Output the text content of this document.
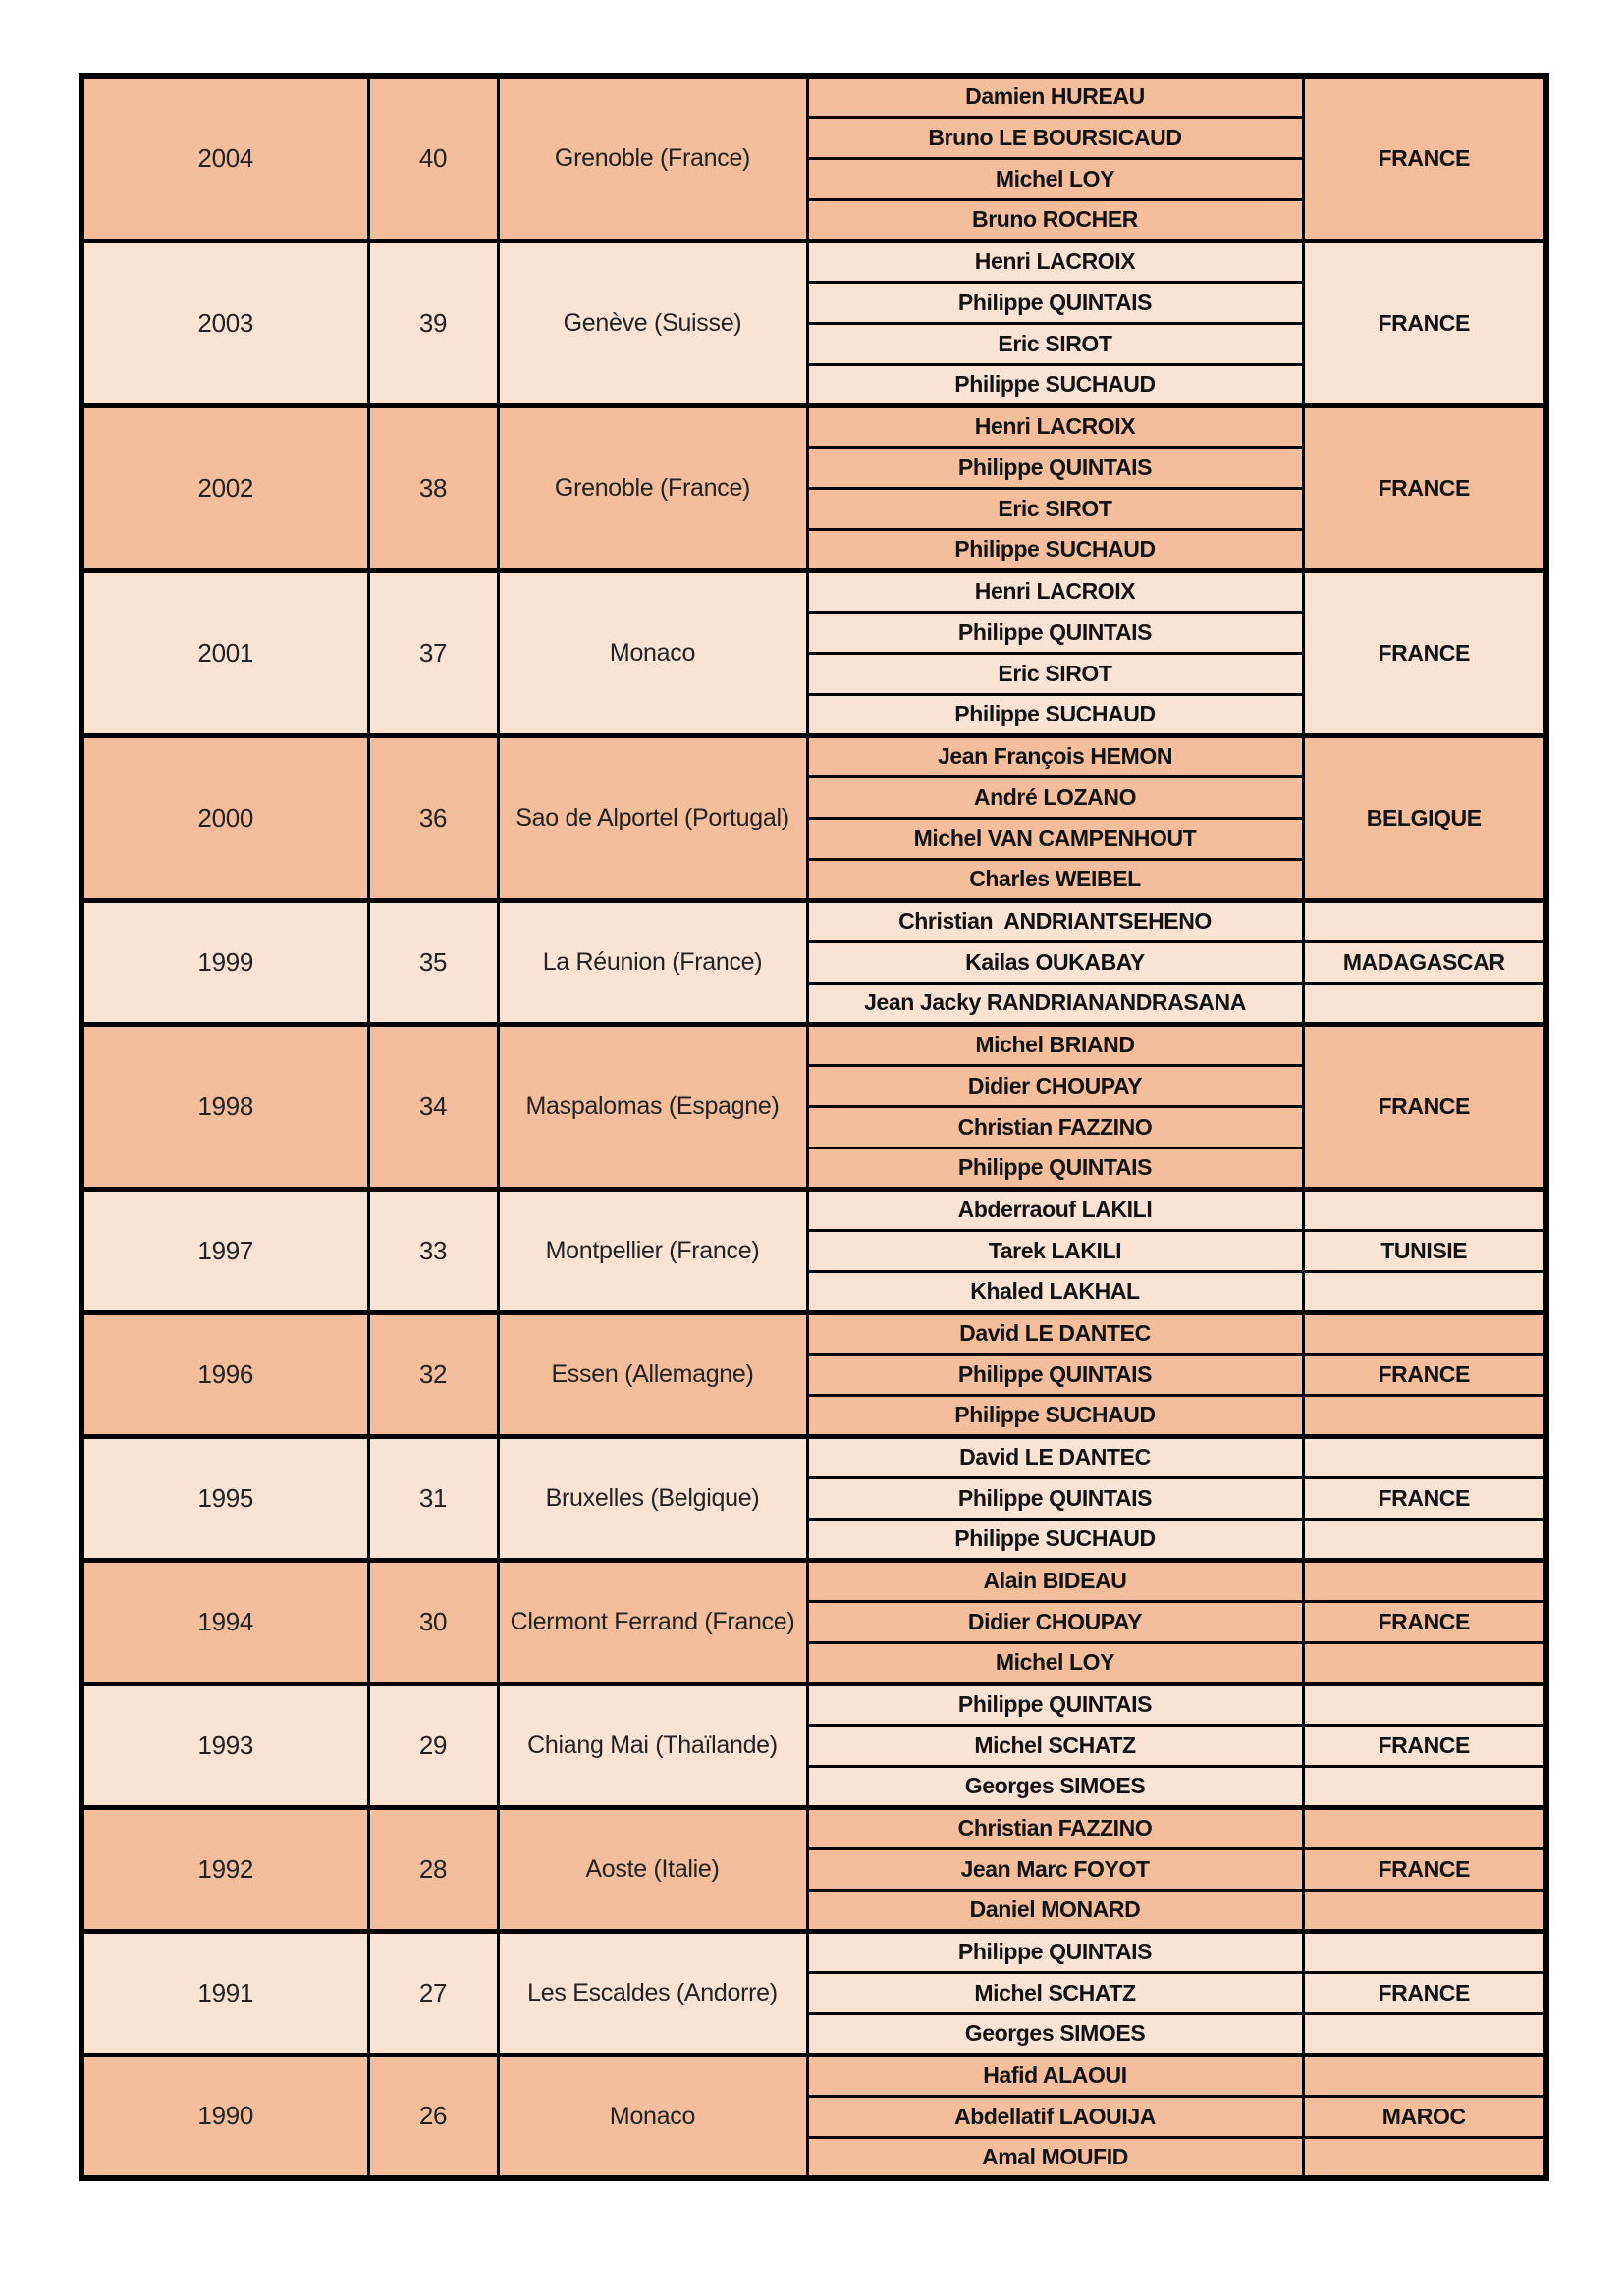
2004	40	Grenoble (France)	Damien HUREAU	FRANCE
			Bruno LE BOURSICAUD	
			Michel LOY	
			Bruno ROCHER	
2003	39	Genève (Suisse)	Henri LACROIX	FRANCE
			Philippe QUINTAIS	
			Eric SIROT	
			Philippe SUCHAUD	
2002	38	Grenoble (France)	Henri LACROIX	FRANCE
			Philippe QUINTAIS	
			Eric SIROT	
			Philippe SUCHAUD	
2001	37	Monaco	Henri LACROIX	FRANCE
			Philippe QUINTAIS	
			Eric SIROT	
			Philippe SUCHAUD	
2000	36	Sao de Alportel (Portugal)	Jean François HEMON	BELGIQUE
			André LOZANO	
			Michel VAN CAMPENHOUT	
			Charles WEIBEL	
1999	35	La Réunion (France)	Christian  ANDRIANTSEHENO	
			Kailas OUKABAY	MADAGASCAR
			Jean Jacky RANDRIANANDRASANA	
1998	34	Maspalomas (Espagne)	Michel BRIAND	FRANCE
			Didier CHOUPAY	
			Christian FAZZINO	
			Philippe QUINTAIS	
1997	33	Montpellier (France)	Abderraouf LAKILI	
			Tarek LAKILI	TUNISIE
			Khaled LAKHAL	
1996	32	Essen (Allemagne)	David LE DANTEC	
			Philippe QUINTAIS	FRANCE
			Philippe SUCHAUD	
1995	31	Bruxelles (Belgique)	David LE DANTEC	
			Philippe QUINTAIS	FRANCE
			Philippe SUCHAUD	
1994	30	Clermont Ferrand (France)	Alain BIDEAU	
			Didier CHOUPAY	FRANCE
			Michel LOY	
1993	29	Chiang Mai (Thaïlande)	Philippe QUINTAIS	
			Michel SCHATZ	FRANCE
			Georges SIMOES	
1992	28	Aoste (Italie)	Christian FAZZINO	
			Jean Marc FOYOT	FRANCE
			Daniel MONARD	
1991	27	Les Escaldes (Andorre)	Philippe QUINTAIS	
			Michel SCHATZ	FRANCE
			Georges SIMOES	
1990	26	Monaco	Hafid ALAOUI	
			Abdellatif LAOUIJA	MAROC
			Amal MOUFID	
